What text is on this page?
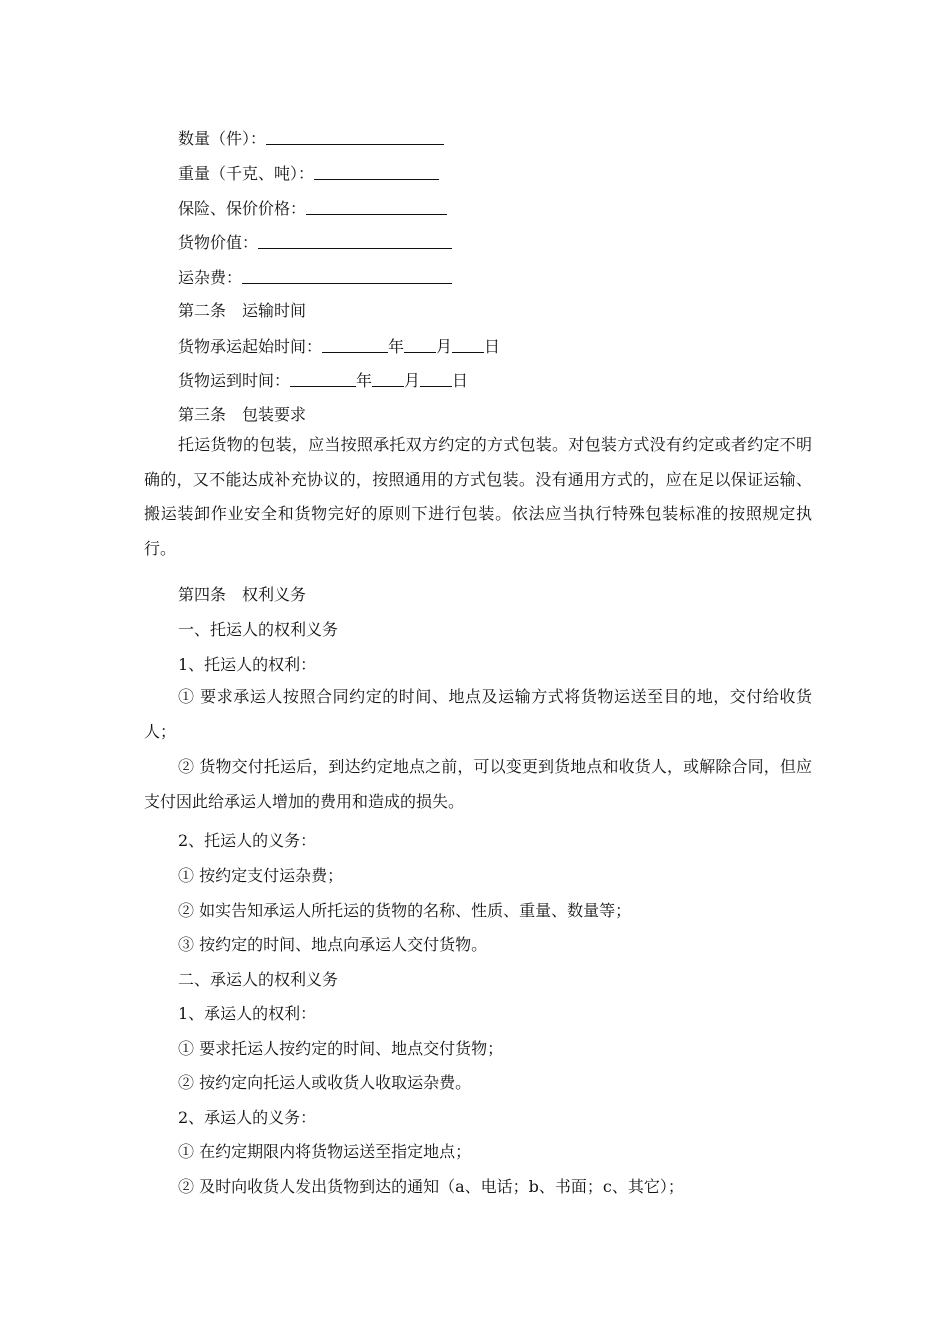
数量（件）：
重量（千克、吨）：
保险、保价价格：
货物价值：
运杂费：
第二条　运输时间
货物承运起始时间：	年 月 日
货物运到时间：	年 月 日
第三条　包装要求
托运货物的包装，应当按照承托双方约定的方式包装。对包装方式没有约定或者约定不明确的，又不能达成补充协议的，按照通用的方式包装。没有通用方式的，应在足以保证运输、搬运装卸作业安全和货物完好的原则下进行包装。依法应当执行特殊包装标准的按照规定执行。
第四条　权利义务
一、托运人的权利义务
1、托运人的权利：
① 要求承运人按照合同约定的时间、地点及运输方式将货物运送至目的地，交付给收货人；
② 货物交付托运后，到达约定地点之前，可以变更到货地点和收货人，或解除合同，但应支付因此给承运人增加的费用和造成的损失。
2、托运人的义务：
① 按约定支付运杂费；
② 如实告知承运人所托运的货物的名称、性质、重量、数量等；
③ 按约定的时间、地点向承运人交付货物。
二、承运人的权利义务
1、承运人的权利：
① 要求托运人按约定的时间、地点交付货物；
② 按约定向托运人或收货人收取运杂费。
2、承运人的义务：
① 在约定期限内将货物运送至指定地点；
② 及时向收货人发出货物到达的通知（a、电话；b、书面；c、其它）；
